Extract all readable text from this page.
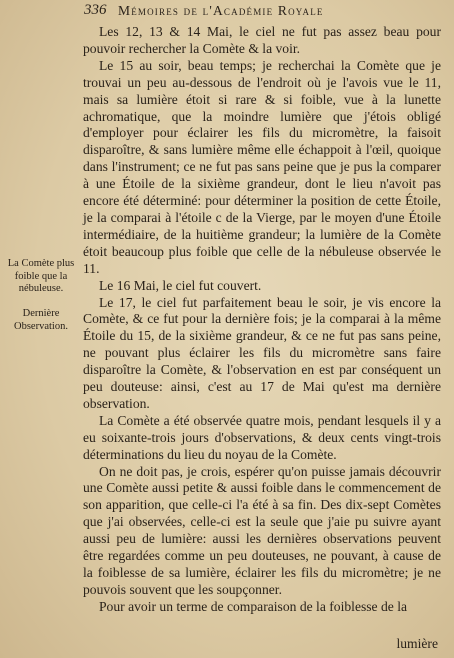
336 Mémoires de l'Académie Royale
La Comète plus foible que la nébuleuse.
Dernière Observation.

Les 12, 13 & 14 Mai, le ciel ne fut pas assez beau pour pouvoir rechercher la Comète & la voir.

Le 15 au soir, beau temps; je recherchai la Comète que je trouvai un peu au-dessous de l'endroit où je l'avois vue le 11, mais sa lumière étoit si rare & si foible, vue à la lunette achromatique, que la moindre lumière que j'étois obligé d'employer pour éclairer les fils du micromètre, la faisoit disparoître, & sans lumière même elle échappoit à l'œil, quoique dans l'instrument; ce ne fut pas sans peine que je pus la comparer à une Étoile de la sixième grandeur, dont le lieu n'avoit pas encore été déterminé: pour déterminer la position de cette Étoile, je la comparai à l'étoile c de la Vierge, par le moyen d'une Étoile intermédiaire, de la huitième grandeur; la lumière de la Comète étoit beaucoup plus foible que celle de la nébuleuse observée le 11.

Le 16 Mai, le ciel fut couvert.

Le 17, le ciel fut parfaitement beau le soir, je vis encore la Comète, & ce fut pour la dernière fois; je la comparai à la même Étoile du 15, de la sixième grandeur, & ce ne fut pas sans peine, ne pouvant plus éclairer les fils du micromètre sans faire disparoître la Comète, & l'observation en est par conséquent un peu douteuse: ainsi, c'est au 17 de Mai qu'est ma dernière observation.

La Comète a été observée quatre mois, pendant lesquels il y a eu soixante-trois jours d'observations, & deux cents vingt-trois déterminations du lieu du noyau de la Comète.

On ne doit pas, je crois, espérer qu'on puisse jamais découvrir une Comète aussi petite & aussi foible dans le commencement de son apparition, que celle-ci l'a été à sa fin. Des dix-sept Comètes que j'ai observées, celle-ci est la seule que j'aie pu suivre ayant aussi peu de lumière: aussi les dernières observations peuvent être regardées comme un peu douteuses, ne pouvant, à cause de la foiblesse de sa lumière, éclairer les fils du micromètre; je ne pouvois souvent que les soupçonner.

Pour avoir un terme de comparaison de la foiblesse de la

lumière
